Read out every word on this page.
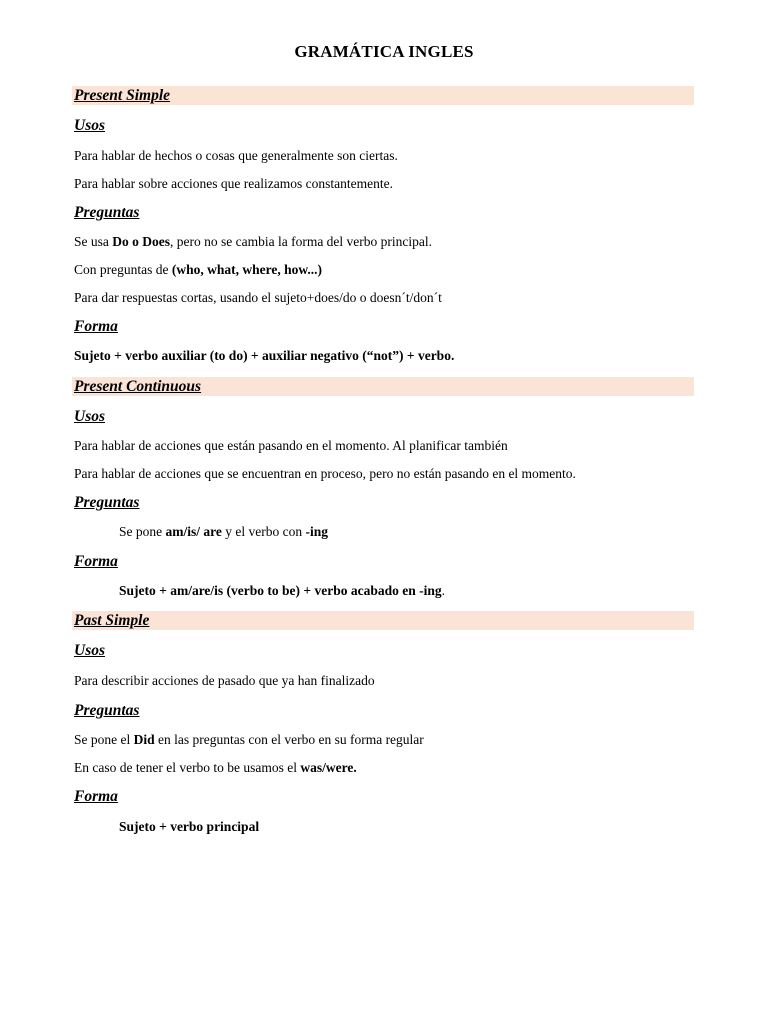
GRAMÁTICA INGLES
Present Simple
Usos
Para hablar de hechos o cosas que generalmente son ciertas.
Para hablar sobre acciones que realizamos constantemente.
Preguntas
Se usa Do o Does, pero no se cambia la forma del verbo principal.
Con preguntas de (who, what, where, how...)
Para dar respuestas cortas, usando el sujeto+does/do o doesn´t/don´t
Forma
Sujeto + verbo auxiliar (to do) + auxiliar negativo (“not”) + verbo.
Present Continuous
Usos
Para hablar de acciones que están pasando en el momento. Al planificar también
Para hablar de acciones que se encuentran en proceso, pero no están pasando en el momento.
Preguntas
Se pone am/is/ are y el verbo con -ing
Forma
Sujeto + am/are/is (verbo to be) + verbo acabado en -ing.
Past Simple
Usos
Para describir acciones de pasado que ya han finalizado
Preguntas
Se pone el Did en las preguntas con el verbo en su forma regular
En caso de tener el verbo to be usamos el was/were.
Forma
Sujeto + verbo principal
